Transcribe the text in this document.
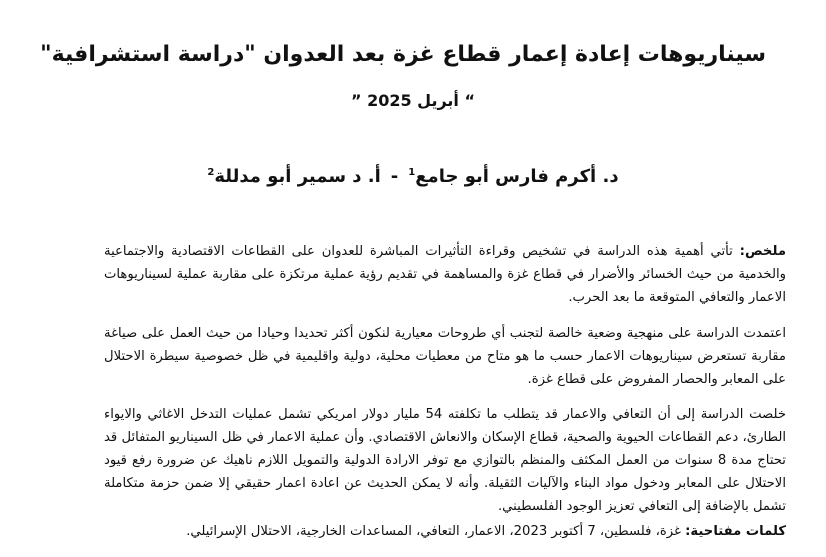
سيناريوهات إعادة إعمار قطاع غزة بعد العدوان "دراسة استشرافية"
“ أبريل 2025 ”
د. أكرم فارس أبو جامع$^1$-أ. د سمير أبو مدللة$^2$
ملخص: تأتي أهمية هذه الدراسة في تشخيص وقراءة التأثيرات المباشرة للعدوان على القطاعات الاقتصادية والاجتماعية والخدمية من حيث الخسائر والأضرار في قطاع غزة والمساهمة في تقديم رؤية عملية مرتكزة على مقاربة عملية لسيناريوهات الاعمار والتعافي المتوقعة ما بعد الحرب.
اعتمدت الدراسة على منهجية وضعية خالصة لتجنب أي طروحات معيارية لنكون أكثر تحديدا وحيادا من حيث العمل على صياغة مقاربة تستعرض سيناريوهات الاعمار حسب ما هو متاح من معطيات محلية، دولية واقليمية في ظل خصوصية سيطرة الاحتلال على المعابر والحصار المفروض على قطاع غزة.
خلصت الدراسة إلى أن التعافي والاعمار قد يتطلب ما تكلفته 54 مليار دولار امريكي تشمل عمليات التدخل الاغاثي والايواء الطارئ، دعم القطاعات الحيوية والصحية، قطاع الإسكان والانعاش الاقتصادي. وأن عملية الاعمار في ظل السيناريو المتفائل قد تحتاج مدة 8 سنوات من العمل المكثف والمنظم بالتوازي مع توفر الارادة الدولية والتمويل اللازم ناهيك عن ضرورة رفع قيود الاحتلال على المعابر ودخول مواد البناء والآليات الثقيلة. وأنه لا يمكن الحديث عن اعادة اعمار حقيقي إلا ضمن حزمة متكاملة تشمل بالإضافة إلى التعافي تعزيز الوجود الفلسطيني.
كلمات مفتاحية: غزة، فلسطين، 7 أكتوبر 2023، الاعمار، التعافي، المساعدات الخارجية، الاحتلال الإسرائيلي.
